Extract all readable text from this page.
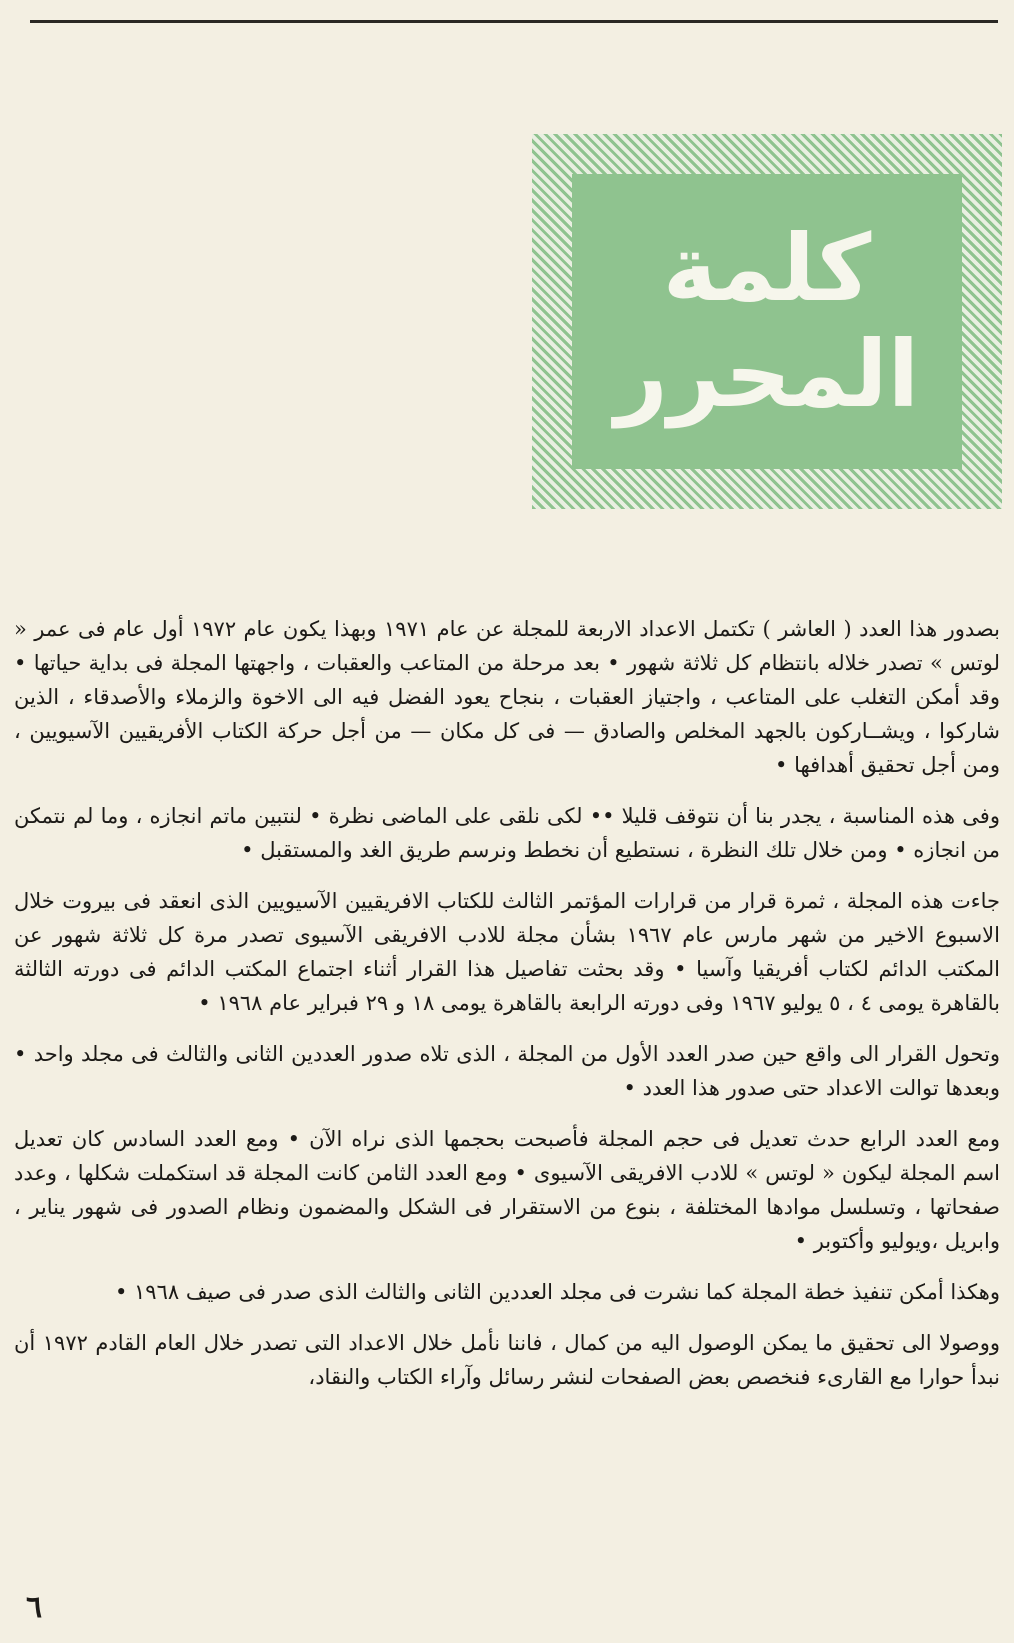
كلمة
المحرر

بصدور هذا العدد ( العاشر ) تكتمل الاعداد الاربعة للمجلة عن عام ١٩٧١ وبهذا يكون عام ١٩٧٢ أول عام فى عمر « لوتس » تصدر خلاله بانتظام كل ثلاثة شهور • بعد مرحلة من المتاعب والعقبات ، واجهتها المجلة فى بداية حياتها • وقد أمكن التغلب على المتاعب ، واجتياز العقبات ، بنجاح يعود الفضل فيه الى الاخوة والزملاء والأصدقاء ، الذين شاركوا ، ويشــاركون بالجهد المخلص والصادق — فى كل مكان — من أجل حركة الكتاب الأفريقيين الآسيويين ، ومن أجل تحقيق أهدافها •

وفى هذه المناسبة ، يجدر بنا أن نتوقف قليلا •• لكى نلقى على الماضى نظرة • لنتبين ماتم انجازه ، وما لم نتمكن من انجازه • ومن خلال تلك النظرة ، نستطيع أن نخطط ونرسم طريق الغد والمستقبل •

جاءت هذه المجلة ، ثمرة قرار من قرارات المؤتمر الثالث للكتاب الافريقيين الآسيويين الذى انعقد فى بيروت خلال الاسبوع الاخير من شهر مارس عام ١٩٦٧ بشأن مجلة للادب الافريقى الآسيوى تصدر مرة كل ثلاثة شهور عن المكتب الدائم لكتاب أفريقيا وآسيا • وقد بحثت تفاصيل هذا القرار أثناء اجتماع المكتب الدائم فى دورته الثالثة بالقاهرة يومى ٤ ، ٥ يوليو ١٩٦٧ وفى دورته الرابعة بالقاهرة يومى ١٨ و ٢٩ فبراير عام ١٩٦٨ •

وتحول القرار الى واقع حين صدر العدد الأول من المجلة ، الذى تلاه صدور العددين الثانى والثالث فى مجلد واحد • وبعدها توالت الاعداد حتى صدور هذا العدد •

ومع العدد الرابع حدث تعديل فى حجم المجلة فأصبحت بحجمها الذى نراه الآن • ومع العدد السادس كان تعديل اسم المجلة ليكون « لوتس » للادب الافريقى الآسيوى • ومع العدد الثامن كانت المجلة قد استكملت شكلها ، وعدد صفحاتها ، وتسلسل موادها المختلفة ، بنوع من الاستقرار فى الشكل والمضمون ونظام الصدور فى شهور يناير ، وابريل ،ويوليو وأكتوبر •

وهكذا أمكن تنفيذ خطة المجلة كما نشرت فى مجلد العددين الثانى والثالث الذى صدر فى صيف ١٩٦٨ •

ووصولا الى تحقيق ما يمكن الوصول اليه من كمال ، فاننا نأمل خلال الاعداد التى تصدر خلال العام القادم ١٩٧٢ أن نبدأ حوارا مع القارىء فنخصص بعض الصفحات لنشر رسائل وآراء الكتاب والنقاد،

٦
